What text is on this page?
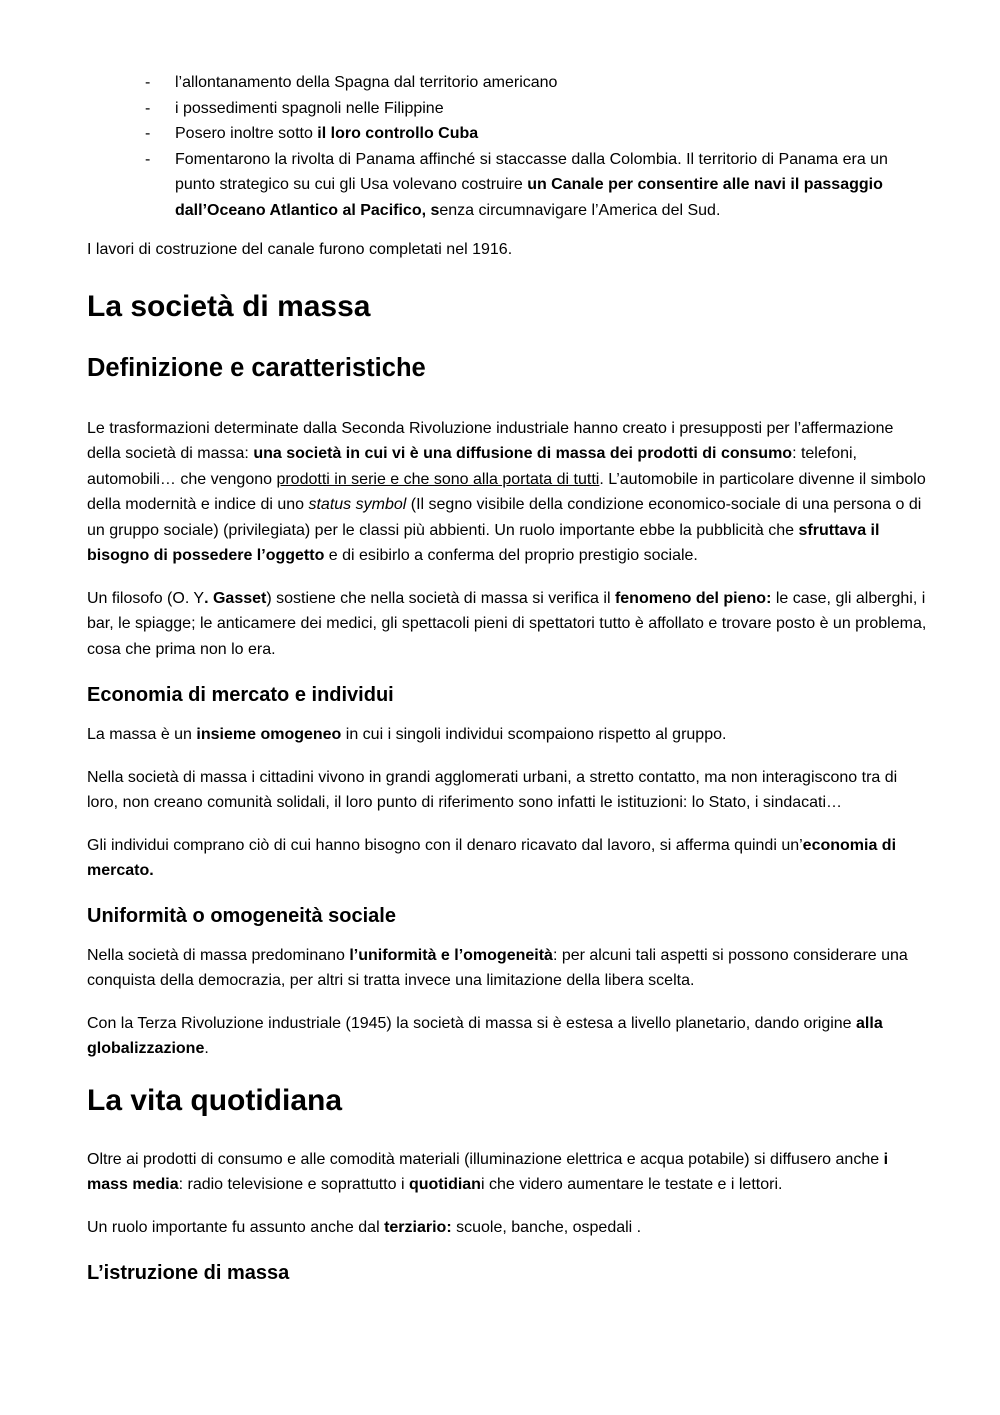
- l’allontanamento della Spagna dal territorio americano
- i possedimenti spagnoli nelle Filippine
- Posero inoltre sotto il loro controllo Cuba
- Fomentarono la rivolta di Panama affinché si staccasse dalla Colombia. Il territorio di Panama era un punto strategico su cui gli Usa volevano costruire un Canale per consentire alle navi il passaggio dall’Oceano Atlantico al Pacifico, senza circumnavigare l’America del Sud.

I lavori di costruzione del canale furono completati nel 1916.

La società di massa
Definizione e caratteristiche

Le trasformazioni determinate dalla Seconda Rivoluzione industriale hanno creato i presupposti per l’affermazione della società di massa: una società in cui vi è una diffusione di massa dei prodotti di consumo: telefoni, automobili… che vengono prodotti in serie e che sono alla portata di tutti. L’automobile in particolare divenne il simbolo della modernità e indice di uno status symbol (Il segno visibile della condizione economico-sociale di una persona o di un gruppo sociale) (privilegiata) per le classi più abbienti. Un ruolo importante ebbe la pubblicità che sfruttava il bisogno di possedere l’oggetto e di esibirlo a conferma del proprio prestigio sociale.

Un filosofo (O. Y. Gasset) sostiene che nella società di massa si verifica il fenomeno del pieno: le case, gli alberghi, i bar, le spiagge; le anticamere dei medici, gli spettacoli pieni di spettatori tutto è affollato e trovare posto è un problema, cosa che prima non lo era.

Economia di mercato e individui

La massa è un insieme omogeneo in cui i singoli individui scompaiono rispetto al gruppo.

Nella società di massa i cittadini vivono in grandi agglomerati urbani, a stretto contatto, ma non interagiscono tra di loro, non creano comunità solidali, il loro punto di riferimento sono infatti le istituzioni: lo Stato, i sindacati…

Gli individui comprano ciò di cui hanno bisogno con il denaro ricavato dal lavoro, si afferma quindi un’economia di mercato.

Uniformità o omogeneità sociale

Nella società di massa predominano l’uniformità e l’omogeneità: per alcuni tali aspetti si possono considerare una conquista della democrazia, per altri si tratta invece una limitazione della libera scelta.

Con la Terza Rivoluzione industriale (1945) la società di massa si è estesa a livello planetario, dando origine alla globalizzazione.

La vita quotidiana

Oltre ai prodotti di consumo e alle comodità materiali (illuminazione elettrica e acqua potabile) si diffusero anche i mass media: radio televisione e soprattutto i quotidiani che videro aumentare le testate e i lettori.

Un ruolo importante fu assunto anche dal terziario: scuole, banche, ospedali .

L’istruzione di massa
